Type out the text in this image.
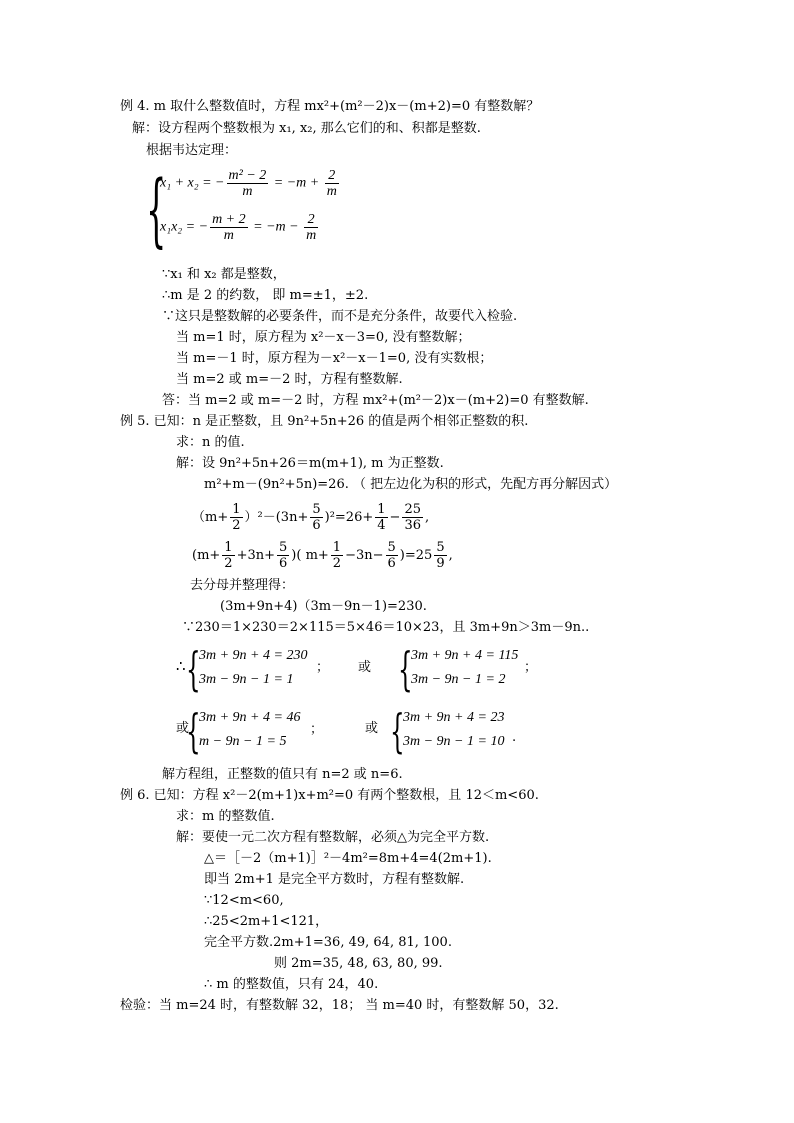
例 4. m 取什么整数值时，方程 mx²+(m²－2)x－(m+2)=0 有整数解？
解：设方程两个整数根为 x₁, x₂, 那么它们的和、积都是整数.
根据韦达定理：
{
x₁ + x₂ = − $\frac{\text{m² − 2}}{m} = -m + \frac{2}{m}$
x₁x₂ = − $\frac{m + 2}{m} = -m - \frac{2}{m}$
∵x₁ 和 x₂ 都是整数，
∴m 是 2 的约数， 即 m=±1，±2.
∵这只是整数解的必要条件，而不是充分条件，故要代入检验.
当 m=1 时，原方程为 x²－x－3=0, 没有整数解；
当 m=－1 时，原方程为－x²－x－1=0, 没有实数根；
当 m=2 或 m=－2 时，方程有整数解.
答：当 m=2 或 m=－2 时，方程 mx²+(m²－2)x－(m+2)=0 有整数解.
例 5. 已知：n 是正整数，且 9n²+5n+26 的值是两个相邻正整数的积.
求：n 的值.
解：设 9n²+5n+26＝m(m+1), m 为正整数.
m²+m－(9n²+5n)=26. （ 把左边化为积的形式，先配方再分解因式）
$(m+ \frac{1}{2} )^2-(3n+ \frac{5}{6} )^2=26+ \frac{1}{4} - \frac{25}{36}$ ,
($m+ \frac{1}{2} +3n+ \frac{5}{6}$ )( $m+ \frac{1}{2} -3n- \frac{5}{6} )=25 \frac{5}{9}$ ,
去分母并整理得：
(3m+9n+4)（3m－9n－1)=230.
∵230＝1×230＝2×115＝5×46＝10×23，且 3m+9n＞3m－9n..
∴ {
3m + 9n + 4 = 230
3m − 9n − 1 = 1
； 或 {
3m + 9n + 4 = 115
3m − 9n − 1 = 2
；
或
{
3m + 9n + 4 = 46
m − 9n − 1 = 5
；	或 {
3m + 9n + 4 = 23
3m − 9n − 1 = 10 .
解方程组，正整数的值只有 n=2 或 n=6.
例 6. 已知：方程 x²－2(m+1)x+m²=0 有两个整数根，且 12＜m<60.
求：m 的整数值.
解：要使一元二次方程有整数解，必须△为完全平方数.
△＝［－2（m+1)］²－4m²=8m+4=4(2m+1).
即当 2m+1 是完全平方数时，方程有整数解.
∵12<m<60,
∴25<2m+1<121，
完全平方数.2m+1=36, 49, 64, 81, 100.
则 2m=35, 48, 63, 80, 99.
∴ m 的整数值，只有 24，40.
检验：当 m=24 时，有整数解 32，18； 当 m=40 时，有整数解 50，32.
